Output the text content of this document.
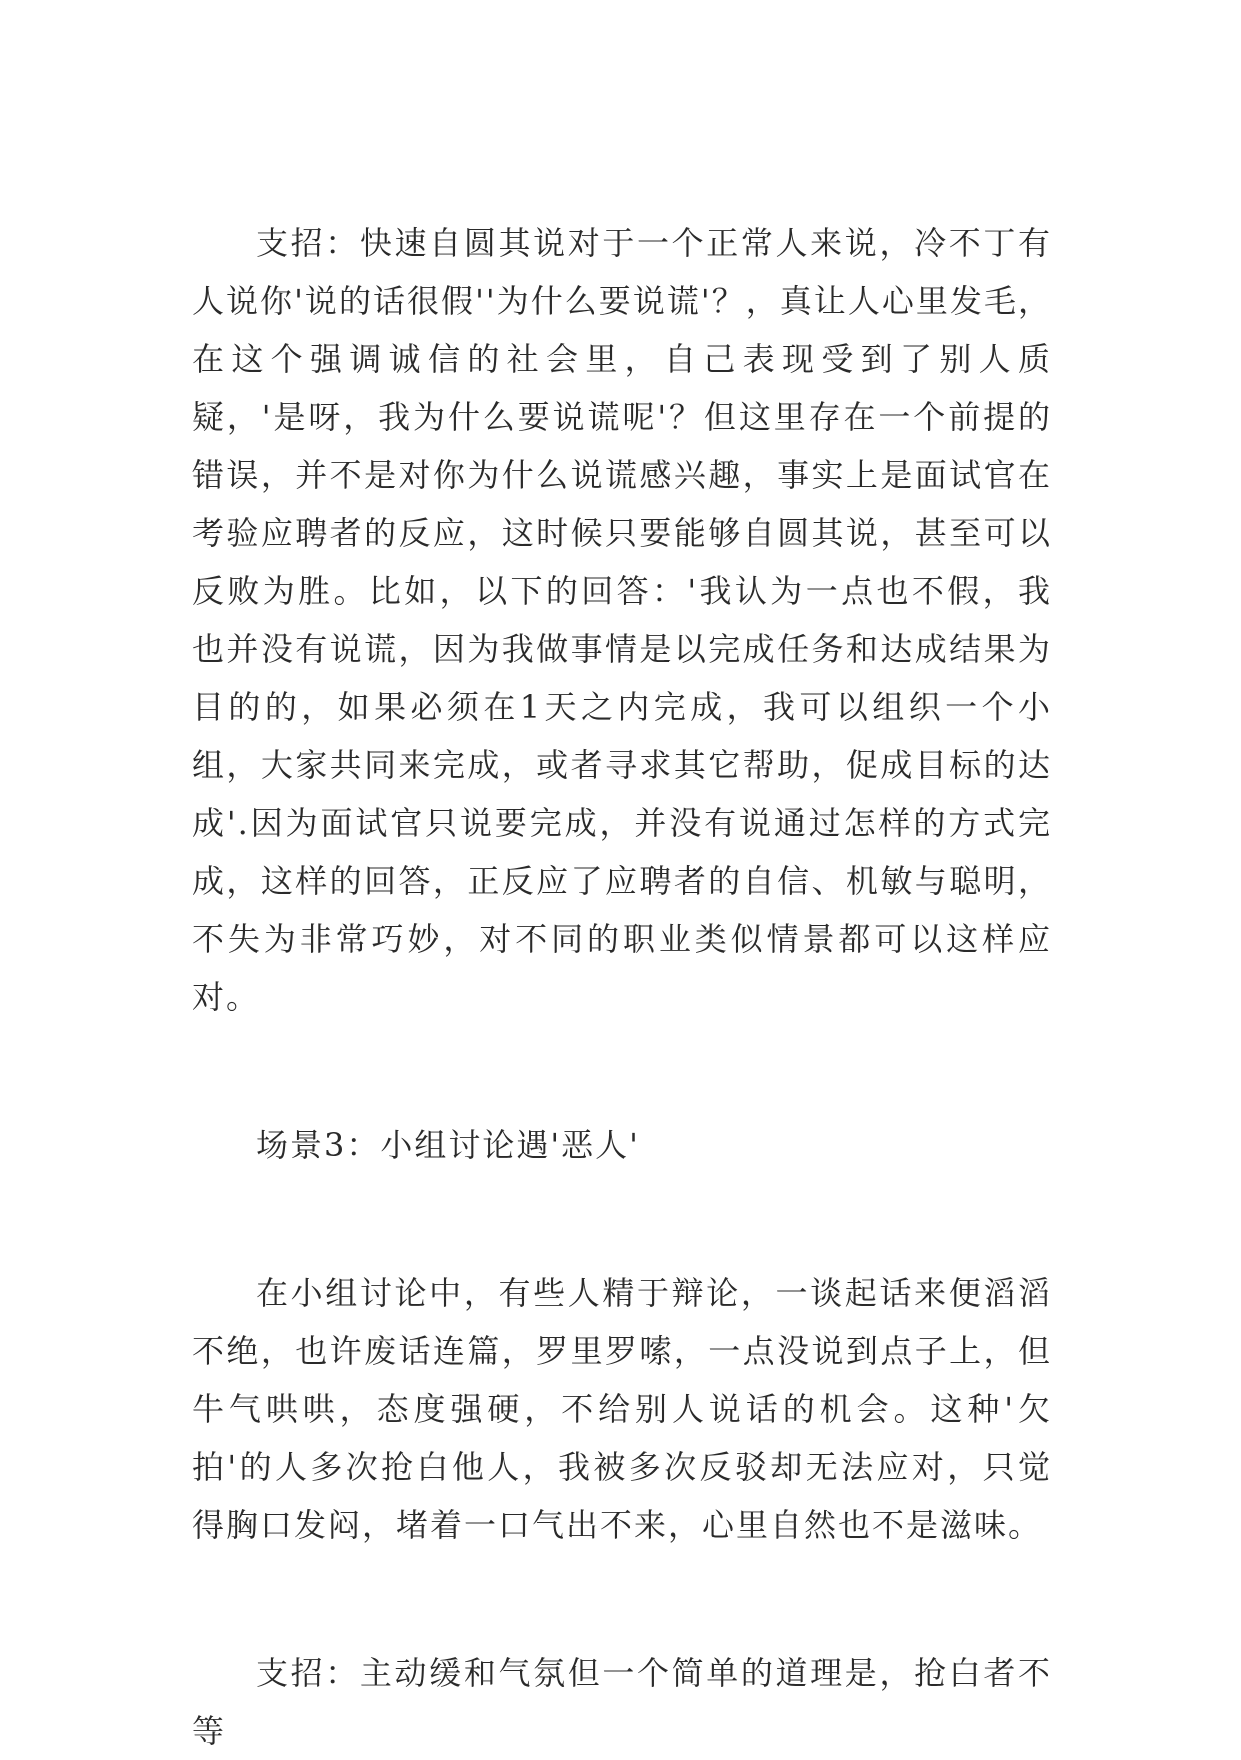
支招：快速自圆其说对于一个正常人来说，冷不丁有人说你'说的话很假''为什么要说谎'？，真让人心里发毛，在这个强调诚信的社会里，自己表现受到了别人质疑，'是呀，我为什么要说谎呢'？但这里存在一个前提的错误，并不是对你为什么说谎感兴趣，事实上是面试官在考验应聘者的反应，这时候只要能够自圆其说，甚至可以反败为胜。比如，以下的回答：'我认为一点也不假，我也并没有说谎，因为我做事情是以完成任务和达成结果为目的的，如果必须在1天之内完成，我可以组织一个小组，大家共同来完成，或者寻求其它帮助，促成目标的达成'.因为面试官只说要完成，并没有说通过怎样的方式完成，这样的回答，正反应了应聘者的自信、机敏与聪明，不失为非常巧妙，对不同的职业类似情景都可以这样应对。

场景3：小组讨论遇'恶人'

在小组讨论中，有些人精于辩论，一谈起话来便滔滔不绝，也许废话连篇，罗里罗嗦，一点没说到点子上，但牛气哄哄，态度强硬，不给别人说话的机会。这种'欠拍'的人多次抢白他人，我被多次反驳却无法应对，只觉得胸口发闷，堵着一口气出不来，心里自然也不是滋味。

支招：主动缓和气氛但一个简单的道理是，抢白者不等
